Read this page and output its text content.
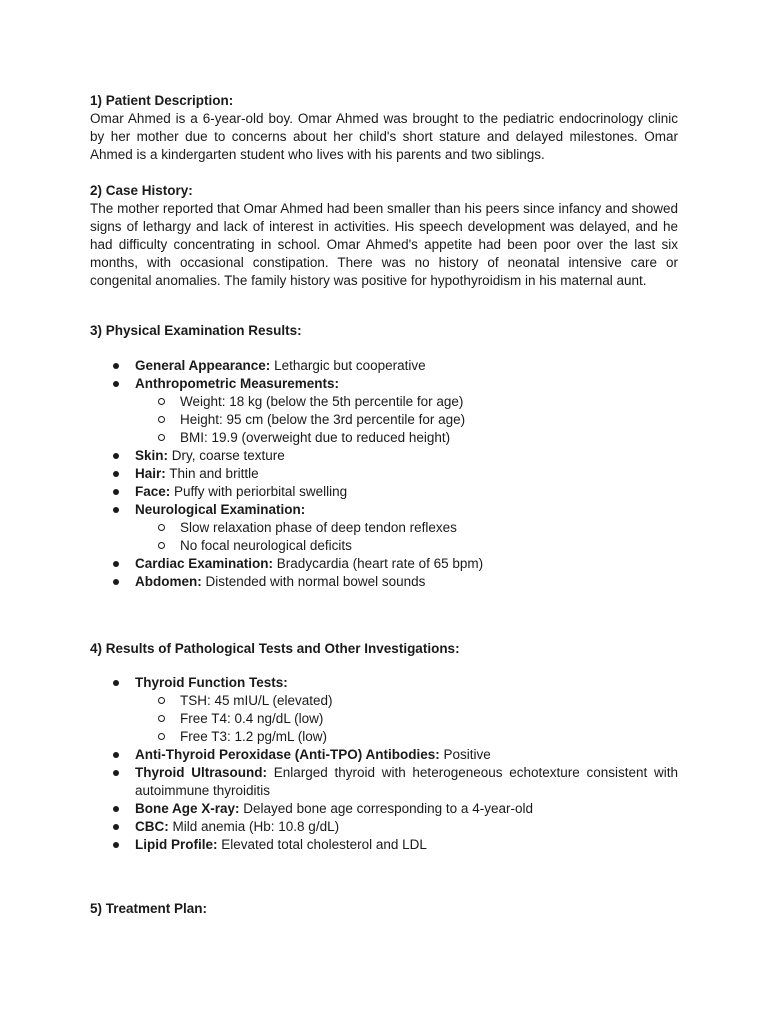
1) Patient Description:

Omar Ahmed is a 6-year-old boy. Omar Ahmed was brought to the pediatric endocrinology clinic by her mother due to concerns about her child's short stature and delayed milestones. Omar Ahmed is a kindergarten student who lives with his parents and two siblings.

2) Case History:

The mother reported that Omar Ahmed had been smaller than his peers since infancy and showed signs of lethargy and lack of interest in activities. His speech development was delayed, and he had difficulty concentrating in school. Omar Ahmed's appetite had been poor over the last six months, with occasional constipation. There was no history of neonatal intensive care or congenital anomalies. The family history was positive for hypothyroidism in his maternal aunt.

3) Physical Examination Results:

General Appearance: Lethargic but cooperative
Anthropometric Measurements:
Weight: 18 kg (below the 5th percentile for age)
Height: 95 cm (below the 3rd percentile for age)
BMI: 19.9 (overweight due to reduced height)
Skin: Dry, coarse texture
Hair: Thin and brittle
Face: Puffy with periorbital swelling
Neurological Examination:
Slow relaxation phase of deep tendon reflexes
No focal neurological deficits
Cardiac Examination: Bradycardia (heart rate of 65 bpm)
Abdomen: Distended with normal bowel sounds

4) Results of Pathological Tests and Other Investigations:

Thyroid Function Tests:
TSH: 45 mIU/L (elevated)
Free T4: 0.4 ng/dL (low)
Free T3: 1.2 pg/mL (low)
Anti-Thyroid Peroxidase (Anti-TPO) Antibodies: Positive
Thyroid Ultrasound: Enlarged thyroid with heterogeneous echotexture consistent with autoimmune thyroiditis
Bone Age X-ray: Delayed bone age corresponding to a 4-year-old
CBC: Mild anemia (Hb: 10.8 g/dL)
Lipid Profile: Elevated total cholesterol and LDL

5) Treatment Plan:
